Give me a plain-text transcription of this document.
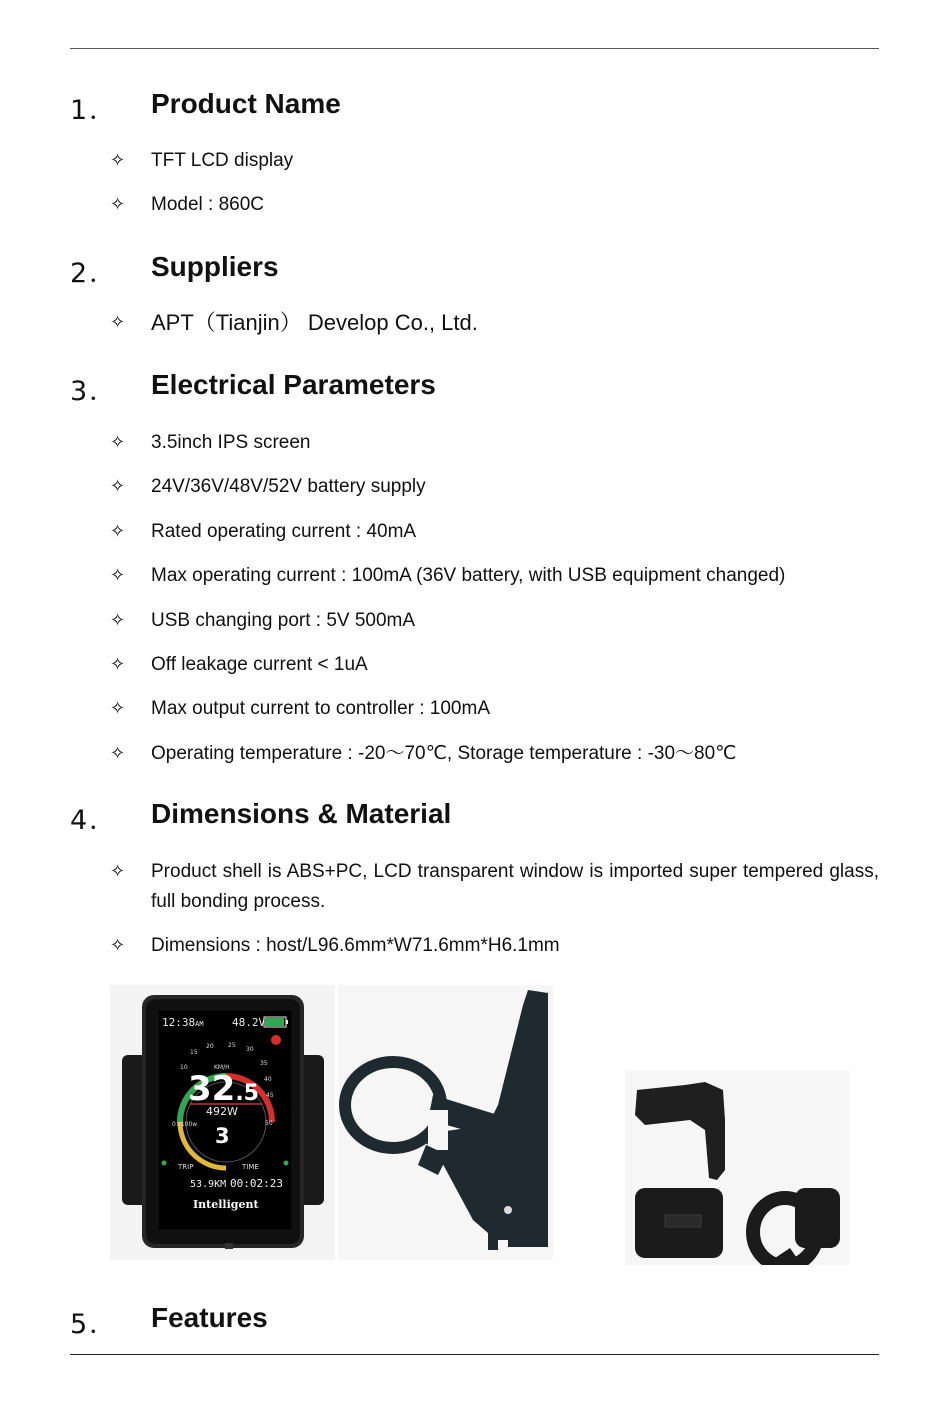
1． Product Name
✧ TFT LCD display
✧ Model : 860C
2． Suppliers
✧ APT（Tianjin） Develop Co., Ltd.
3． Electrical Parameters
✧ 3.5inch IPS screen
✧ 24V/36V/48V/52V battery supply
✧ Rated operating current : 40mA
✧ Max operating current : 100mA (36V battery, with USB equipment changed)
✧ USB changing port : 5V 500mA
✧ Off leakage current < 1uA
✧ Max output current to controller : 100mA
✧ Operating temperature : -20～70℃, Storage temperature : -30～80℃
4． Dimensions & Material
✧ Product shell is ABS+PC, LCD transparent window is imported super tempered glass, full bonding process.
✧ Dimensions : host/L96.6mm*W71.6mm*H6.1mm
12:38AM	48.2V
15
20 25
30
10
35
40
45
50
KM/H
32.5
492W
0×100w 3
TRIP	TIME
53.9KM 00:02:23
Intelligent
5． Features
